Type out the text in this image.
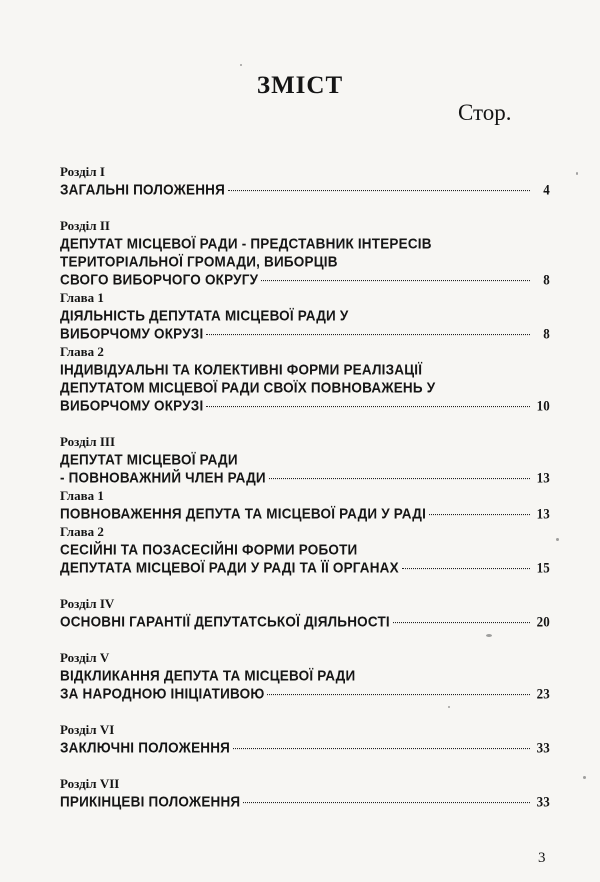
ЗМІСТ
Стор.
Розділ І
ЗАГАЛЬНІ ПОЛОЖЕННЯ	4
Розділ ІІ
ДЕПУТАТ МІСЦЕВОЇ РАДИ - ПРЕДСТАВНИК ІНТЕРЕСІВ
ТЕРИТОРІАЛЬНОЇ ГРОМАДИ, ВИБОРЦІВ
СВОГО ВИБОРЧОГО ОКРУГУ	8
Глава 1
ДІЯЛЬНІСТЬ ДЕПУТАТА МІСЦЕВОЇ РАДИ У
ВИБОРЧОМУ ОКРУЗІ	8
Глава 2
ІНДИВІДУАЛЬНІ ТА КОЛЕКТИВНІ ФОРМИ РЕАЛІЗАЦІЇ
ДЕПУТАТОМ МІСЦЕВОЇ РАДИ СВОЇХ ПОВНОВАЖЕНЬ У
ВИБОРЧОМУ ОКРУЗІ	10
Розділ ІІІ
ДЕПУТАТ МІСЦЕВОЇ РАДИ
- ПОВНОВАЖНИЙ ЧЛЕН РАДИ	13
Глава 1
ПОВНОВАЖЕННЯ ДЕПУТА ТА МІСЦЕВОЇ РАДИ У РАДІ	13
Глава 2
СЕСІЙНІ ТА ПОЗАСЕСІЙНІ ФОРМИ РОБОТИ
ДЕПУТАТА МІСЦЕВОЇ РАДИ У РАДІ ТА ЇЇ ОРГАНАХ	15
Розділ IV
ОСНОВНІ ГАРАНТІЇ ДЕПУТАТСЬКОЇ ДІЯЛЬНОСТІ	20
Розділ V
ВІДКЛИКАННЯ ДЕПУТА ТА МІСЦЕВОЇ РАДИ
ЗА НАРОДНОЮ ІНІЦІАТИВОЮ	23
Розділ VI
ЗАКЛЮЧНІ ПОЛОЖЕННЯ	33
Розділ VII
ПРИКІНЦЕВІ ПОЛОЖЕННЯ	33
3
